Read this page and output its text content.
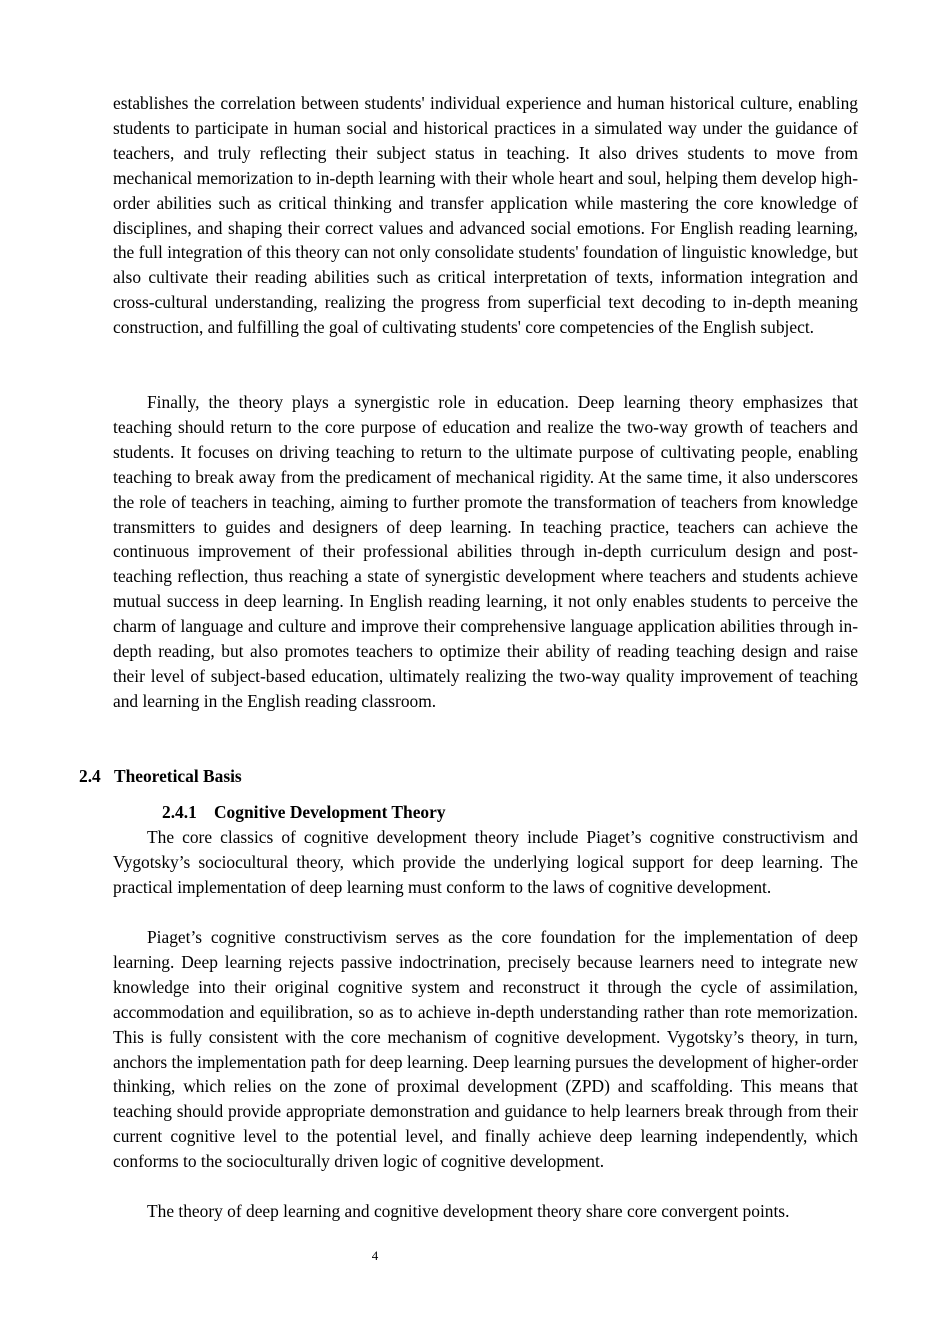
establishes the correlation between students' individual experience and human historical culture, enabling students to participate in human social and historical practices in a simulated way under the guidance of teachers, and truly reflecting their subject status in teaching. It also drives students to move from mechanical memorization to in-depth learning with their whole heart and soul, helping them develop high-order abilities such as critical thinking and transfer application while mastering the core knowledge of disciplines, and shaping their correct values and advanced social emotions. For English reading learning, the full integration of this theory can not only consolidate students' foundation of linguistic knowledge, but also cultivate their reading abilities such as critical interpretation of texts, information integration and cross-cultural understanding, realizing the progress from superficial text decoding to in-depth meaning construction, and fulfilling the goal of cultivating students' core competencies of the English subject.

Finally, the theory plays a synergistic role in education. Deep learning theory emphasizes that teaching should return to the core purpose of education and realize the two-way growth of teachers and students. It focuses on driving teaching to return to the ultimate purpose of cultivating people, enabling teaching to break away from the predicament of mechanical rigidity. At the same time, it also underscores the role of teachers in teaching, aiming to further promote the transformation of teachers from knowledge transmitters to guides and designers of deep learning. In teaching practice, teachers can achieve the continuous improvement of their professional abilities through in-depth curriculum design and post-teaching reflection, thus reaching a state of synergistic development where teachers and students achieve mutual success in deep learning. In English reading learning, it not only enables students to perceive the charm of language and culture and improve their comprehensive language application abilities through in-depth reading, but also promotes teachers to optimize their ability of reading teaching design and raise their level of subject-based education, ultimately realizing the two-way quality improvement of teaching and learning in the English reading classroom.

2.4 Theoretical Basis
2.4.1 Cognitive Development Theory

The core classics of cognitive development theory include Piaget’s cognitive constructivism and Vygotsky’s sociocultural theory, which provide the underlying logical support for deep learning. The practical implementation of deep learning must conform to the laws of cognitive development.

Piaget’s cognitive constructivism serves as the core foundation for the implementation of deep learning. Deep learning rejects passive indoctrination, precisely because learners need to integrate new knowledge into their original cognitive system and reconstruct it through the cycle of assimilation, accommodation and equilibration, so as to achieve in-depth understanding rather than rote memorization. This is fully consistent with the core mechanism of cognitive development. Vygotsky’s theory, in turn, anchors the implementation path for deep learning. Deep learning pursues the development of higher-order thinking, which relies on the zone of proximal development (ZPD) and scaffolding. This means that teaching should provide appropriate demonstration and guidance to help learners break through from their current cognitive level to the potential level, and finally achieve deep learning independently, which conforms to the socioculturally driven logic of cognitive development.

The theory of deep learning and cognitive development theory share core convergent points.

4
